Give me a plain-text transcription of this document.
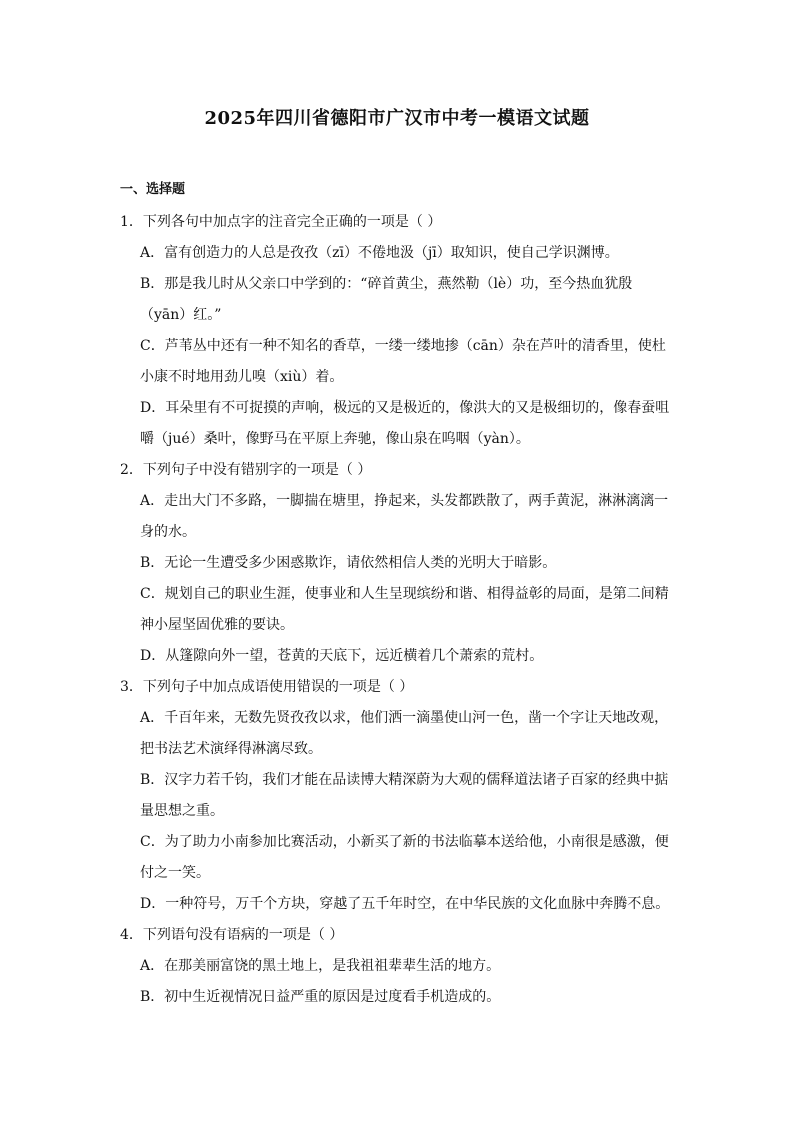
2025年四川省德阳市广汉市中考一模语文试题
一、选择题
1．下列各句中加点字的注音完全正确的一项是（ ）
A．富有创造力的人总是孜孜（zī）不倦地汲（jī）取知识，使自己学识渊博。
B．那是我儿时从父亲口中学到的：“碎首黄尘，燕然勒（lè）功，至今热血犹殷（yān）红。”
C．芦苇丛中还有一种不知名的香草，一缕一缕地掺（cān）杂在芦叶的清香里，使杜小康不时地用劲儿嗅（xiù）着。
D．耳朵里有不可捉摸的声响，极远的又是极近的，像洪大的又是极细切的，像春蚕咀嚼（jué）桑叶，像野马在平原上奔驰，像山泉在呜咽（yàn）。
2．下列句子中没有错别字的一项是（ ）
A．走出大门不多路，一脚揣在塘里，挣起来，头发都跌散了，两手黄泥，淋淋漓漓一身的水。
B．无论一生遭受多少困惑欺诈，请依然相信人类的光明大于暗影。
C．规划自己的职业生涯，使事业和人生呈现缤纷和谐、相得益彰的局面，是第二间精神小屋坚固优雅的要诀。
D．从篷隙向外一望，苍黄的天底下，远近横着几个萧索的荒村。
3．下列句子中加点成语使用错误的一项是（ ）
A．千百年来，无数先贤孜孜以求，他们洒一滴墨使山河一色，凿一个字让天地改观，把书法艺术演绎得淋漓尽致。
B．汉字力若千钧，我们才能在品读博大精深蔚为大观的儒释道法诸子百家的经典中掂量思想之重。
C．为了助力小南参加比赛活动，小新买了新的书法临摹本送给他，小南很是感激，便付之一笑。
D．一种符号，万千个方块，穿越了五千年时空，在中华民族的文化血脉中奔腾不息。
4．下列语句没有语病的一项是（ ）
A．在那美丽富饶的黑土地上，是我祖祖辈辈生活的地方。
B．初中生近视情况日益严重的原因是过度看手机造成的。
